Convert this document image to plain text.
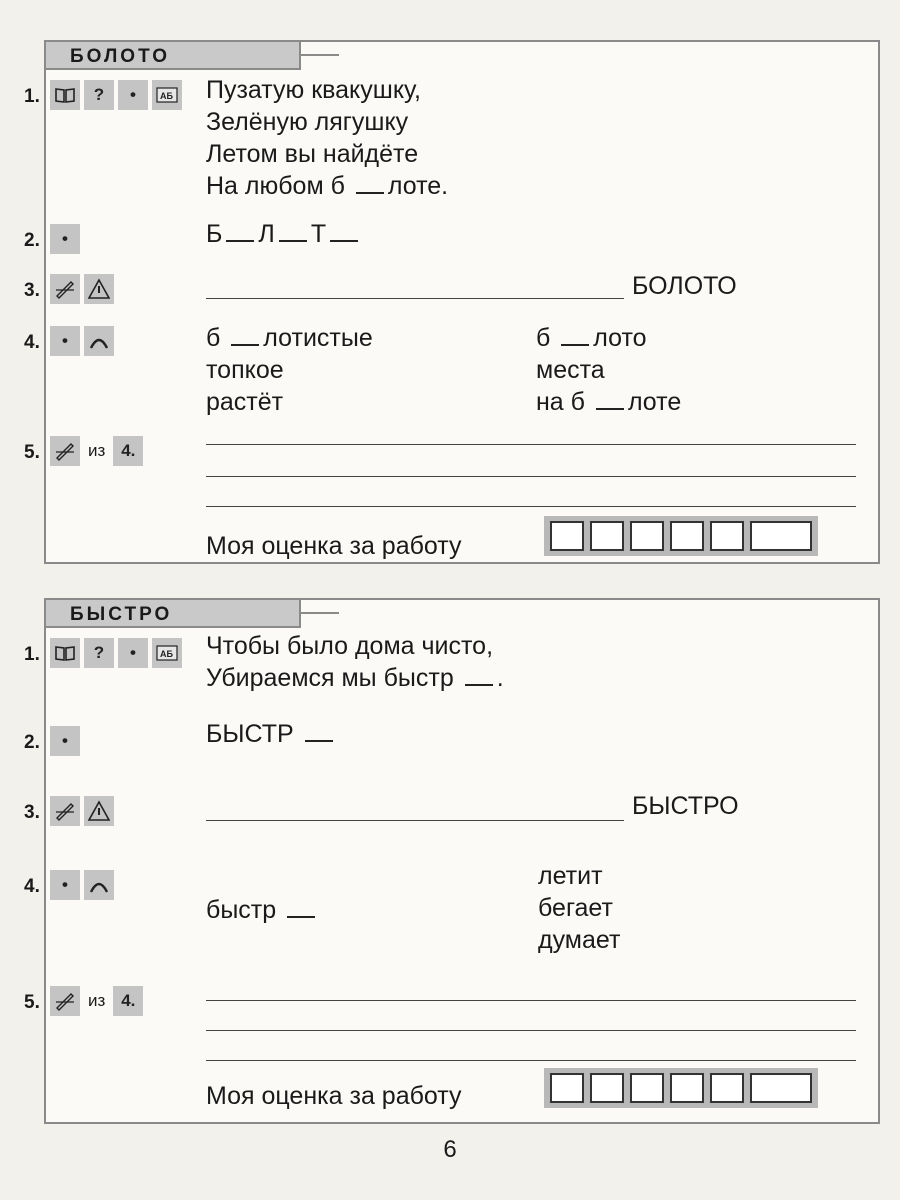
БОЛОТО
1.	?	•	АБ Пузатую квакушку,
Зелёную лягушку
Летом вы найдёте
На любом б лоте.
2.	•	Б Л Т
3.	БОЛОТО
4.	•	б лотистые
топкое
растёт
б лото
места
на б лоте
5.	из 4.
Моя оценка за работу
БЫСТРО
1.	?	•	АБ Чтобы было дома чисто,
Убираемся мы быстр .
2.	•	БЫСТР
3.	БЫСТРО
4.	•
быстр
летит
бегает
думает
5.	из 4.
Моя оценка за работу
6
